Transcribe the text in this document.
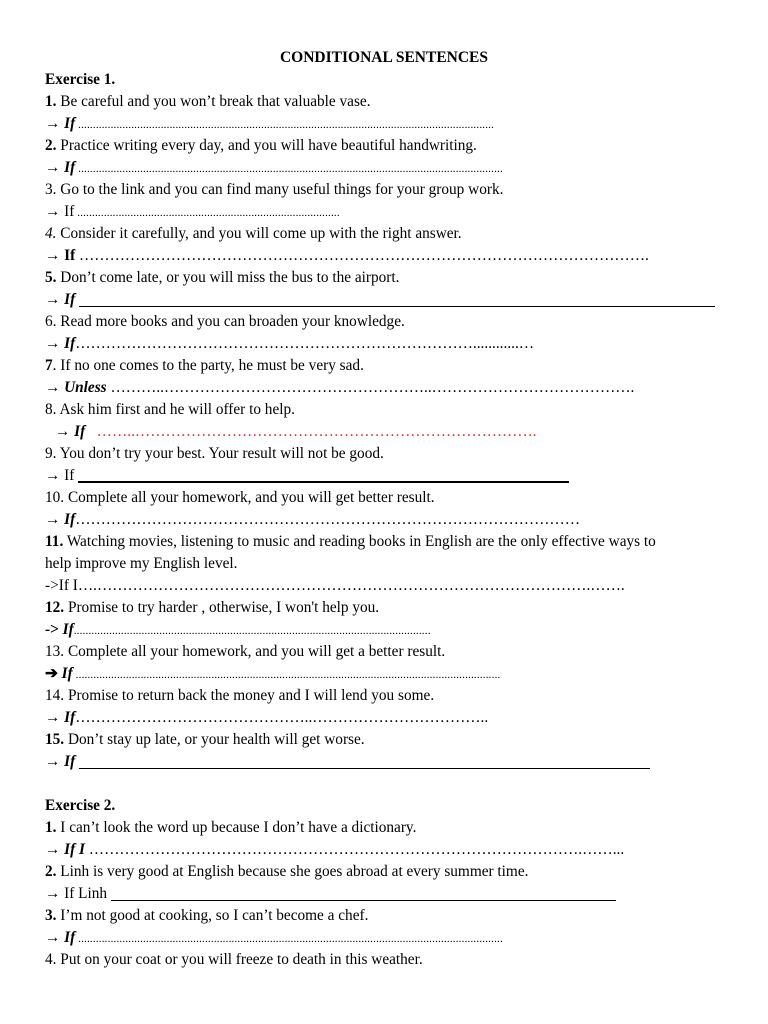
CONDITIONAL SENTENCES
Exercise 1.
1. Be careful and you won’t break that valuable vase.
→ If .............................................................................................................................................
2. Practice writing every day, and you will have beautiful handwriting.
→ If ................................................................................................................................................
3. Go to the link and you can find many useful things for your group work.
→ If .........................................................................................
4. Consider it carefully, and you will come up with the right answer.
→ If ………………………………………………………………………………………………….
5. Don’t come late, or you will miss the bus to the airport.
→ If
6. Read more books and you can broaden your knowledge.
→ If……………………………………………………………………............…
7. If no one comes to the party, he must be very sad.
→ Unless ………..……………………………………………..………………………………….
8. Ask him first and he will offer to help.
→ If ……..…………………………………………………………………….
9. You don’t try your best. Your result will not be good.
→ If
10. Complete all your homework, and you will get better result.
→ If………………………………………………………………………………………
11. Watching movies, listening to music and reading books in English are the only effective ways to
help improve my English level.
->If I….…………………………………………………………………………………….…….
12. Promise to try harder , otherwise, I won't help you.
-> If.........................................................................................................................
13. Complete all your homework, and you will get a better result.
➔ If ................................................................................................................................................
14. Promise to return back the money and I will lend you some.
→ If………………………………………..……………………………..
15. Don’t stay up late, or your health will get worse.
→ If
Exercise 2.
1. I can’t look the word up because I don’t have a dictionary.
→ If I …………………………………………………………………………………….……...
2. Linh is very good at English because she goes abroad at every summer time.
→ If Linh
3. I’m not good at cooking, so I can’t become a chef.
→ If ................................................................................................................................................
4. Put on your coat or you will freeze to death in this weather.
